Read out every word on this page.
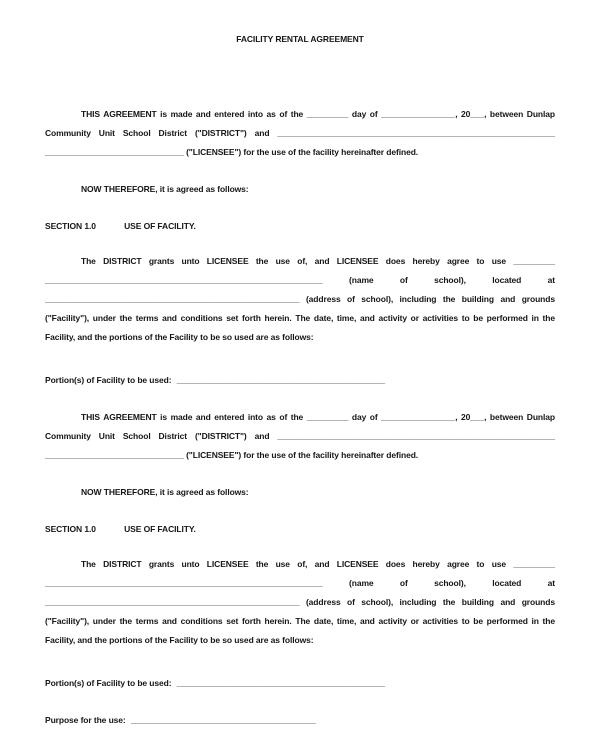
FACILITY RENTAL AGREEMENT

THIS AGREEMENT is made and entered into as of the _________ day of ________________, 20___, between Dunlap Community Unit School District ("DISTRICT") and ____________________________________________________________ ______________________________ ("LICENSEE") for the use of the facility hereinafter defined.

NOW THEREFORE, it is agreed as follows:

SECTION 1.0	USE OF FACILITY.

The DISTRICT grants unto LICENSEE the use of, and LICENSEE does hereby agree to use _________ ____________________________________________________________ (name of school), located at _______________________________________________________ (address of school), including the building and grounds ("Facility"), under the terms and conditions set forth herein. The date, time, and activity or activities to be performed in the Facility, and the portions of the Facility to be so used are as follows:

Portion(s) of Facility to be used: _____________________________________________

THIS AGREEMENT is made and entered into as of the _________ day of ________________, 20___, between Dunlap Community Unit School District ("DISTRICT") and ____________________________________________________________ ______________________________ ("LICENSEE") for the use of the facility hereinafter defined.

NOW THEREFORE, it is agreed as follows:

SECTION 1.0	USE OF FACILITY.

The DISTRICT grants unto LICENSEE the use of, and LICENSEE does hereby agree to use _________ ____________________________________________________________ (name of school), located at _______________________________________________________ (address of school), including the building and grounds ("Facility"), under the terms and conditions set forth herein. The date, time, and activity or activities to be performed in the Facility, and the portions of the Facility to be so used are as follows:

Portion(s) of Facility to be used: _____________________________________________

Purpose for the use: ________________________________________
